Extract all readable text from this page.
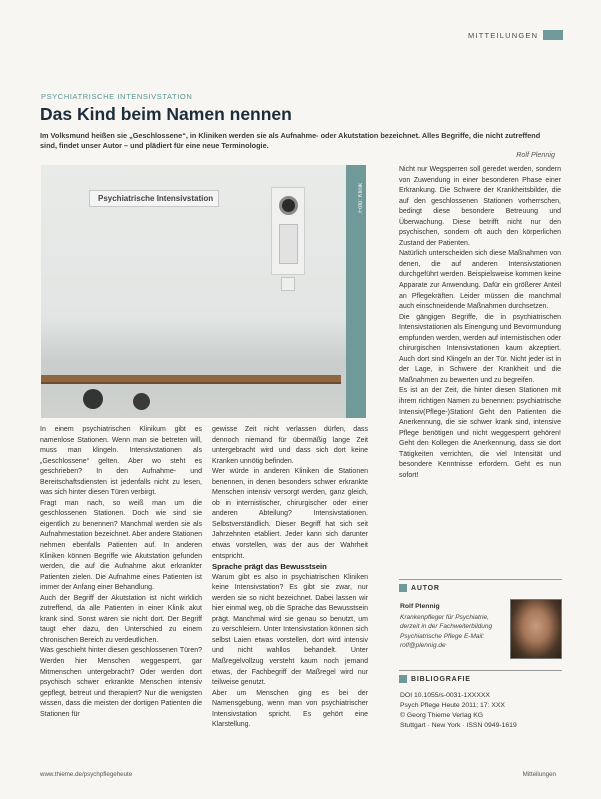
MITTEILUNGEN
PSYCHIATRISCHE INTENSIVSTATION
Das Kind beim Namen nennen

Im Volksmund heißen sie „Geschlossene“, in Kliniken werden sie als Aufnahme- oder Akutstation bezeichnet. Alles Begriffe, die nicht zutreffend sind, findet unser Autor – und plädiert für eine neue Terminologie.

Rolf Plennig
Psychiatrische Intensivstation	Foto: Klinik

In einem psychiatrischen Klinikum gibt es namenlose Stationen. Wenn man sie betreten will, muss man klingeln. Intensivstationen als „Geschlossene“ gelten. Aber wo steht es geschrieben? In den Aufnahme- und Bereitschaftsdiensten ist jedenfalls nicht zu lesen, was sich hinter diesen Türen verbirgt.

Fragt man nach, so weiß man um die geschlossenen Stationen. Doch wie sind sie eigentlich zu benennen? Manchmal werden sie als Aufnahmestation bezeichnet. Aber andere Stationen nehmen ebenfalls Patienten auf. In anderen Kliniken können Begriffe wie Akutstation gefunden werden, die auf die Aufnahme akut erkrankter Patienten zielen. Die Aufnahme eines Patienten ist immer der Anfang einer Behandlung.

Auch der Begriff der Akutstation ist nicht wirklich zutreffend, da alle Patienten in einer Klinik akut krank sind. Sonst wären sie nicht dort. Der Begriff taugt eher dazu, den Unterschied zu einem chronischen Bereich zu verdeutlichen.

Was geschieht hinter diesen geschlossenen Türen? Werden hier Menschen weggesperrt, gar Mitmenschen untergebracht? Oder werden dort psychisch schwer erkrankte Menschen intensiv gepflegt, betreut und therapiert? Nur die wenigsten wissen, dass die meisten der dortigen Patienten die Stationen für

gewisse Zeit nicht verlassen dürfen, dass dennoch niemand für übermäßig lange Zeit untergebracht wird und dass sich dort keine Kranken unnötig befinden.

Wer würde in anderen Kliniken die Stationen benennen, in denen besonders schwer erkrankte Menschen intensiv versorgt werden, ganz gleich, ob in internistischer, chirurgischer oder einer anderen Abteilung? Intensivstationen. Selbstverständlich. Dieser Begriff hat sich seit Jahrzehnten etabliert. Jeder kann sich darunter etwas vorstellen, was der aus der Wahrheit entspricht.

Sprache prägt das Bewusstsein

Warum gibt es also in psychiatrischen Kliniken keine Intensivstation? Es gibt sie zwar, nur werden sie so nicht bezeichnet. Dabei lassen wir hier einmal weg, ob die Sprache das Bewusstsein prägt. Manchmal wird sie genau so benutzt, um zu verschleiern. Unter Intensivstation können sich selbst Laien etwas vorstellen, dort wird intensiv und nicht wahllos behandelt. Unter Maßregelvollzug versteht kaum noch jemand etwas, der Fachbegriff der Maßregel wird nur teilweise genutzt.

Aber um Menschen ging es bei der Namensgebung, wenn man von psychiatrischer Intensivstation spricht. Es gehört eine Klarstellung.

Nicht nur Wegsperren soll geredet werden, sondern von Zuwendung in einer besonderen Phase einer Erkrankung. Die Schwere der Krankheitsbilder, die auf den geschlossenen Stationen vorherrschen, bedingt diese besondere Betreuung und Überwachung. Diese betrifft nicht nur den psychischen, sondern oft auch den körperlichen Zustand der Patienten.

Natürlich unterscheiden sich diese Maßnahmen von denen, die auf anderen Intensivstationen durchgeführt werden. Beispielsweise kommen keine Apparate zur Anwendung. Dafür ein größerer Anteil an Pflegekräften. Leider müssen die manchmal auch einschneidende Maßnahmen durchsetzen.

Die gängigen Begriffe, die in psychiatrischen Intensivstationen als Einengung und Bevormundung empfunden werden, werden auf internistischen oder chirurgischen Intensivstationen kaum akzeptiert. Auch dort sind Klingeln an der Tür. Nicht jeder ist in der Lage, in Schwere der Krankheit und die Maßnahmen zu bewerten und zu begreifen.

Es ist an der Zeit, die hinter diesen Stationen mit ihrem richtigen Namen zu benennen: psychiatrische Intensiv(Pflege-)Station! Geht den Patienten die Anerkennung, die sie schwer krank sind, intensive Pflege benötigen und nicht weggesperrt gehören! Geht den Kollegen die Anerkennung, dass sie dort Tätigkeiten verrichten, die viel Intensität und besondere Kenntnisse erfordern. Geht es nun sofort!

AUTOR
Rolf Plennig
Krankenpfleger für Psychiatrie, derzeit in der Fachweiterbildung Psychiatrische Pflege E-Mail: rolf@plennig.de
BIBLIOGRAFIE
DOI 10.1055/s-0031-1XXXXX
Psych Pflege Heute 2011; 17: XXX
© Georg Thieme Verlag KG
Stuttgart · New York · ISSN 0949-1619
www.thieme.de/psychpflegeheute	Mitteilungen
